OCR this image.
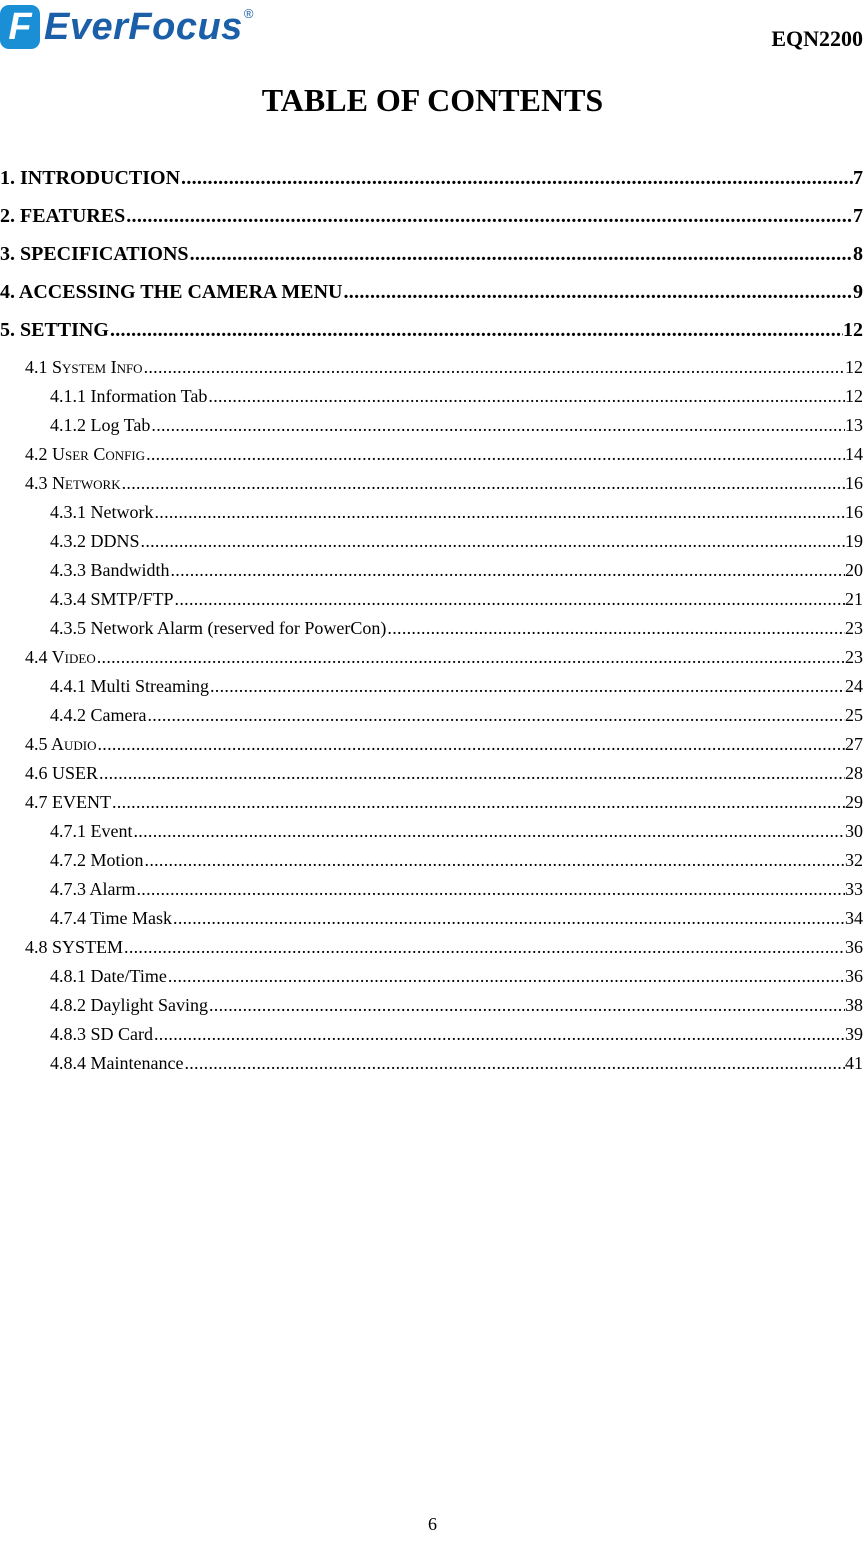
F EverFocus ®
EQN2200
TABLE OF CONTENTS
1. INTRODUCTION .....	7
2. FEATURES .....	7
3. SPECIFICATIONS .....	8
4. ACCESSING THE CAMERA MENU .....	9
5. SETTING .....	12
4.1 System Info .....	12
4.1.1 Information Tab .....	12
4.1.2 Log Tab .....	13
4.2 User Config .....	14
4.3 Network .....	16
4.3.1 Network .....	16
4.3.2 DDNS .....	19
4.3.3 Bandwidth .....	20
4.3.4 SMTP/FTP .....	21
4.3.5 Network Alarm (reserved for PowerCon) .....	23
4.4 Video .....	23
4.4.1 Multi Streaming .....	24
4.4.2 Camera .....	25
4.5 Audio .....	27
4.6 USER .....	28
4.7 EVENT .....	29
4.7.1 Event .....	30
4.7.2 Motion .....	32
4.7.3 Alarm .....	33
4.7.4 Time Mask .....	34
4.8 SYSTEM .....	36
4.8.1 Date/Time .....	36
4.8.2 Daylight Saving .....	38
4.8.3 SD Card .....	39
4.8.4 Maintenance .....	41
6
